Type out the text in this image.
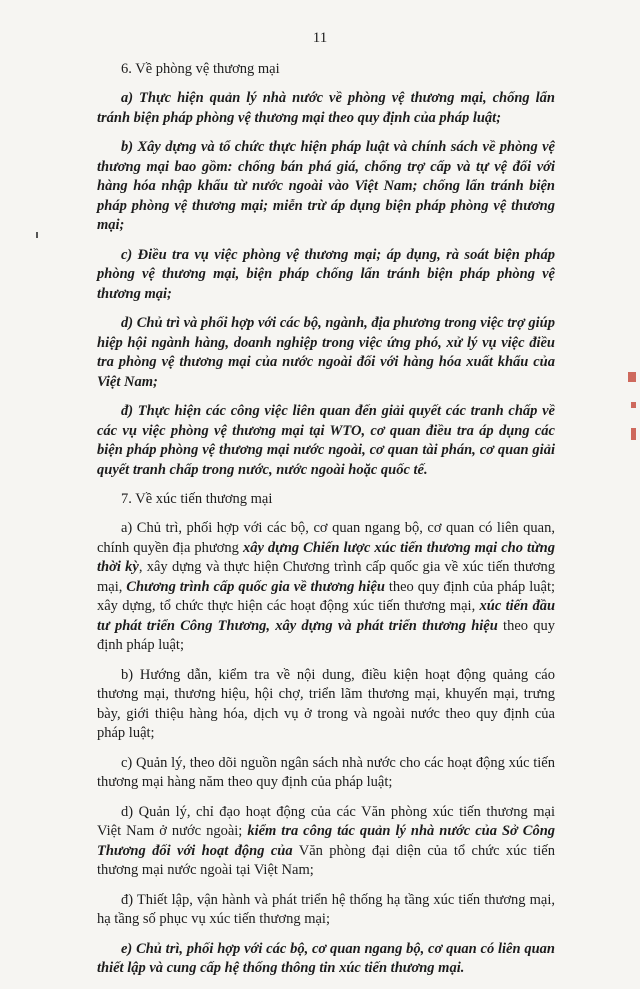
11

6. Về phòng vệ thương mại

a) Thực hiện quản lý nhà nước về phòng vệ thương mại, chống lẩn tránh biện pháp phòng vệ thương mại theo quy định của pháp luật;

b) Xây dựng và tổ chức thực hiện pháp luật và chính sách về phòng vệ thương mại bao gồm: chống bán phá giá, chống trợ cấp và tự vệ đối với hàng hóa nhập khẩu từ nước ngoài vào Việt Nam; chống lẩn tránh biện pháp phòng vệ thương mại; miễn trừ áp dụng biện pháp phòng vệ thương mại;

c) Điều tra vụ việc phòng vệ thương mại; áp dụng, rà soát biện pháp phòng vệ thương mại, biện pháp chống lẩn tránh biện pháp phòng vệ thương mại;

d) Chủ trì và phối hợp với các bộ, ngành, địa phương trong việc trợ giúp hiệp hội ngành hàng, doanh nghiệp trong việc ứng phó, xử lý vụ việc điều tra phòng vệ thương mại của nước ngoài đối với hàng hóa xuất khẩu của Việt Nam;

đ) Thực hiện các công việc liên quan đến giải quyết các tranh chấp về các vụ việc phòng vệ thương mại tại WTO, cơ quan điều tra áp dụng các biện pháp phòng vệ thương mại nước ngoài, cơ quan tài phán, cơ quan giải quyết tranh chấp trong nước, nước ngoài hoặc quốc tế.

7. Về xúc tiến thương mại

a) Chủ trì, phối hợp với các bộ, cơ quan ngang bộ, cơ quan có liên quan, chính quyền địa phương xây dựng Chiến lược xúc tiến thương mại cho từng thời kỳ, xây dựng và thực hiện Chương trình cấp quốc gia về xúc tiến thương mại, Chương trình cấp quốc gia về thương hiệu theo quy định của pháp luật; xây dựng, tổ chức thực hiện các hoạt động xúc tiến thương mại, xúc tiến đầu tư phát triển Công Thương, xây dựng và phát triển thương hiệu theo quy định pháp luật;

b) Hướng dẫn, kiểm tra về nội dung, điều kiện hoạt động quảng cáo thương mại, thương hiệu, hội chợ, triển lãm thương mại, khuyến mại, trưng bày, giới thiệu hàng hóa, dịch vụ ở trong và ngoài nước theo quy định của pháp luật;

c) Quản lý, theo dõi nguồn ngân sách nhà nước cho các hoạt động xúc tiến thương mại hàng năm theo quy định của pháp luật;

d) Quản lý, chỉ đạo hoạt động của các Văn phòng xúc tiến thương mại Việt Nam ở nước ngoài; kiểm tra công tác quản lý nhà nước của Sở Công Thương đối với hoạt động của Văn phòng đại diện của tổ chức xúc tiến thương mại nước ngoài tại Việt Nam;

đ) Thiết lập, vận hành và phát triển hệ thống hạ tầng xúc tiến thương mại, hạ tầng số phục vụ xúc tiến thương mại;

e) Chủ trì, phối hợp với các bộ, cơ quan ngang bộ, cơ quan có liên quan thiết lập và cung cấp hệ thống thông tin xúc tiến thương mại.
